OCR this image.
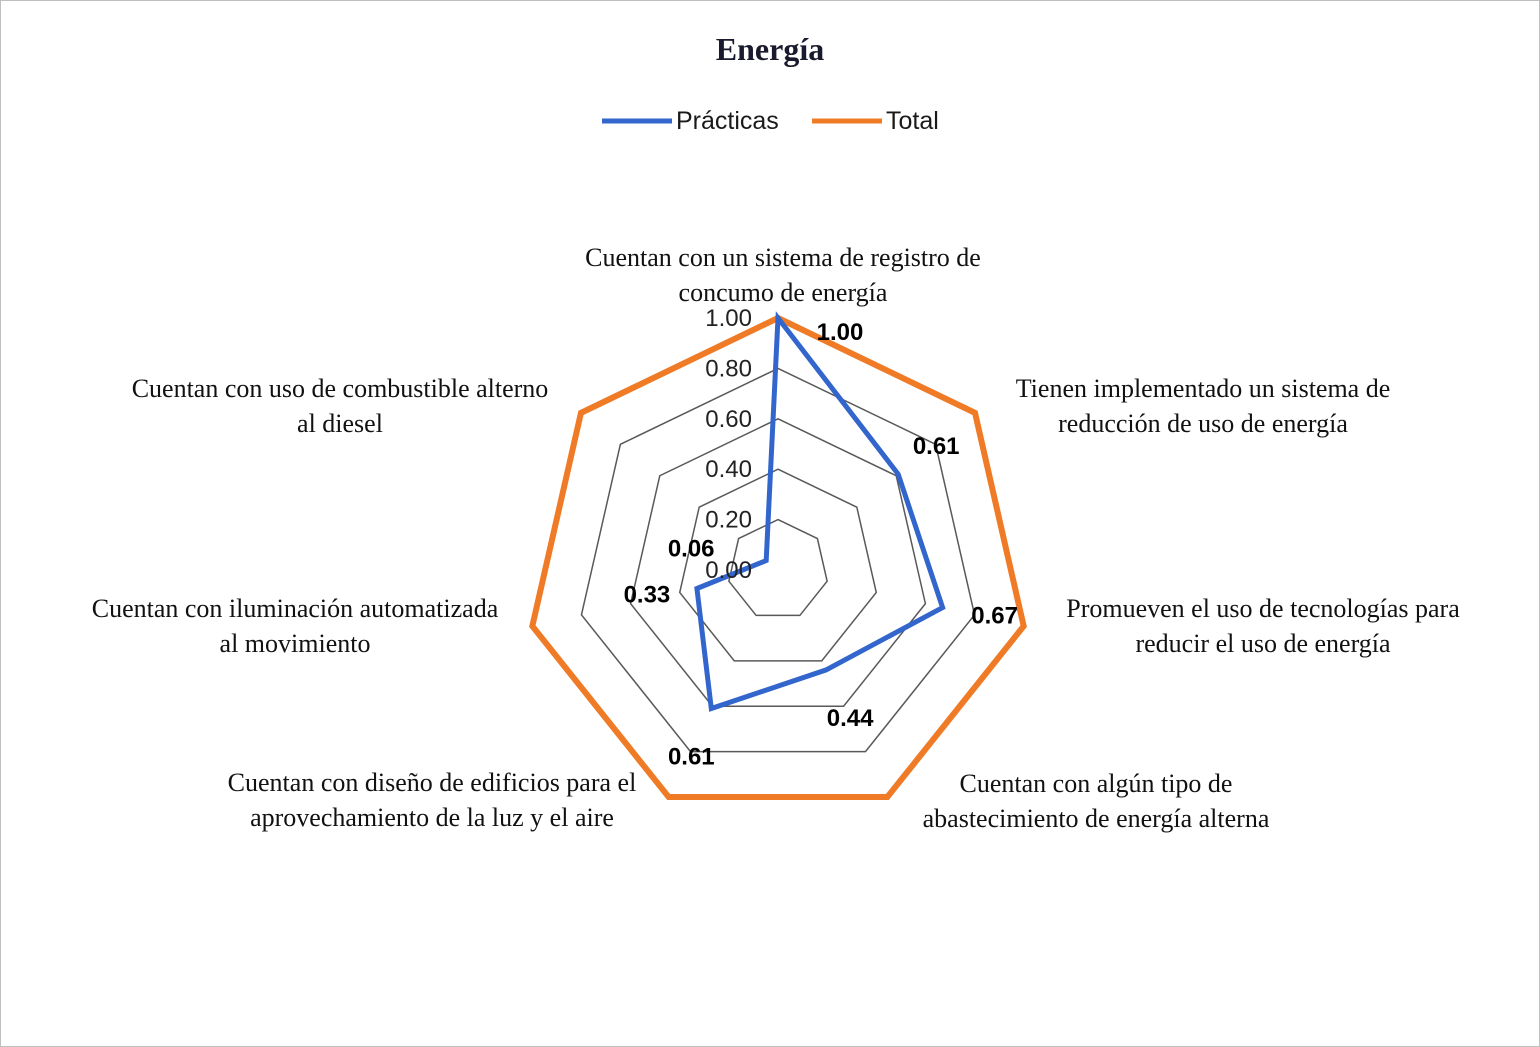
Energía
Prácticas	Total
0.00
0.20
0.40
0.60
0.80
1.00
1.00
0.61
0.67
0.44
0.61
0.33
0.06
Cuentan con un sistema de registro de concumo de energía
Tienen implementado un sistema de reducción de uso de energía
Promueven el uso de tecnologías para reducir el uso de energía
Cuentan con algún tipo de abastecimiento de energía alterna
Cuentan con diseño de edificios para el aprovechamiento de la luz y el aire
Cuentan con iluminación automatizada al movimiento
Cuentan con uso de combustible alterno al diesel
